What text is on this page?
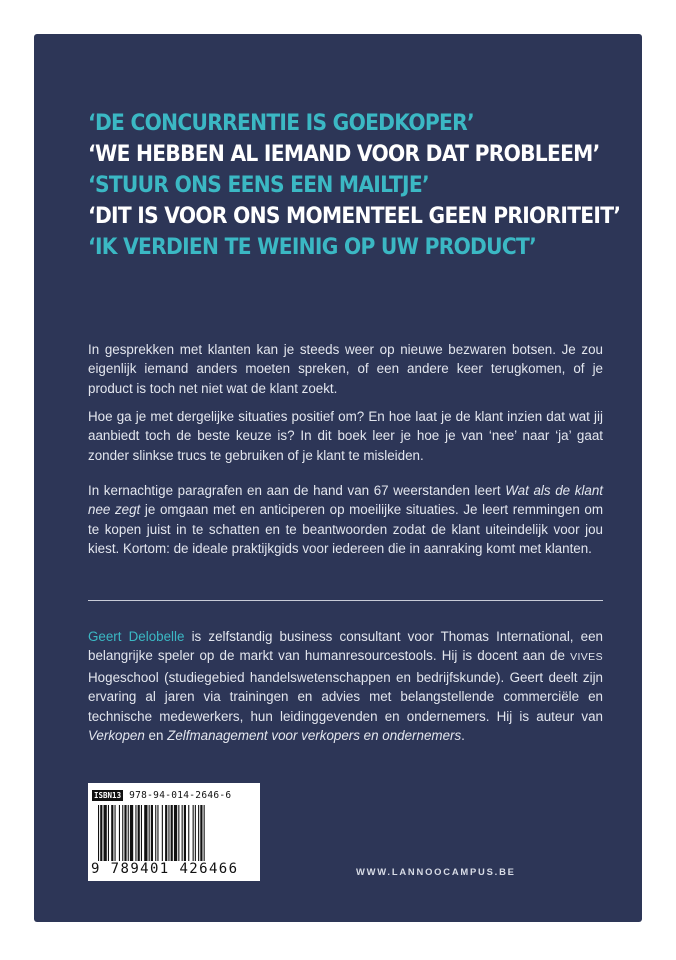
‘DE CONCURRENTIE IS GOEDKOPER’
‘WE HEBBEN AL IEMAND VOOR DAT PROBLEEM’
‘STUUR ONS EENS EEN MAILTJE’
‘DIT IS VOOR ONS MOMENTEEL GEEN PRIORITEIT’
‘IK VERDIEN TE WEINIG OP UW PRODUCT’

In gesprekken met klanten kan je steeds weer op nieuwe bezwaren botsen. Je zou eigenlijk iemand anders moeten spreken, of een andere keer terugkomen, of je product is toch net niet wat de klant zoekt.

Hoe ga je met dergelijke situaties positief om? En hoe laat je de klant inzien dat wat jij aanbiedt toch de beste keuze is? In dit boek leer je hoe je van ‘nee’ naar ‘ja’ gaat zonder slinkse trucs te gebruiken of je klant te misleiden.

In kernachtige paragrafen en aan de hand van 67 weerstanden leert Wat als de klant nee zegt je omgaan met en anticiperen op moeilijke situaties. Je leert remmingen om te kopen juist in te schatten en te beantwoorden zodat de klant uiteindelijk voor jou kiest. Kortom: de ideale praktijkgids voor iedereen die in aanraking komt met klanten.

Geert Delobelle is zelfstandig business consultant voor Thomas International, een belangrijke speler op de markt van humanresourcestools. Hij is docent aan de VIVES Hogeschool (studiegebied handelswetenschappen en bedrijfskunde). Geert deelt zijn ervaring al jaren via trainingen en advies met belangstellende commerciële en technische medewerkers, hun leidinggevenden en ondernemers. Hij is auteur van Verkopen en Zelfmanagement voor verkopers en ondernemers.

ISBN13 978-94-014-2646-6
9 789401 426466	WWW.LANNOOCAMPUS.BE
